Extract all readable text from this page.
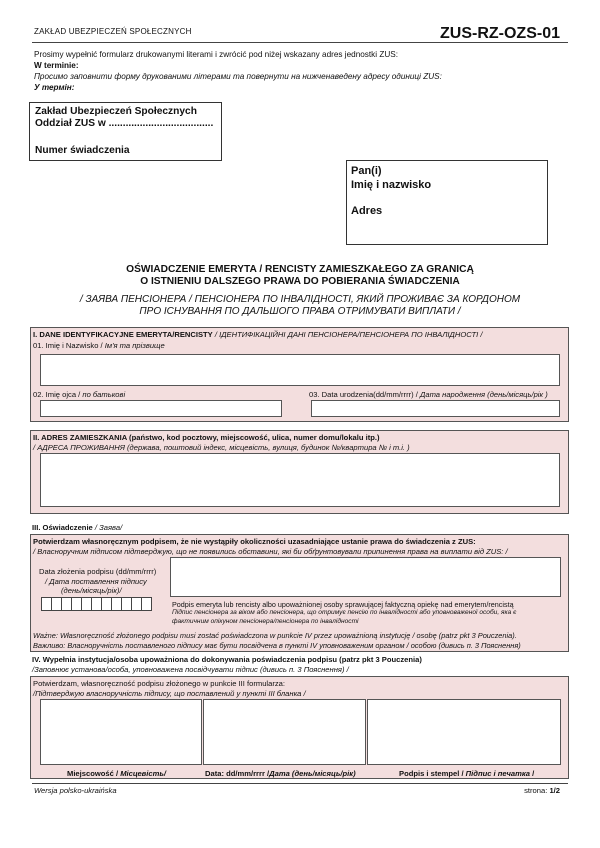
ZAKŁAD UBEZPIECZEŃ SPOŁECZNYCH	ZUS-RZ-OZS-01
Prosimy wypełnić formularz drukowanymi literami i zwrócić pod niżej wskazany adres jednostki ZUS:
W terminie:
Просимо заповнити форму друкованими літерами та повернути на нижченаведену адресу одиниці ZUS:
У термін:
Zakład Ubezpieczeń Społecznych
Oddział ZUS w .....................................
Numer świadczenia
Pan(i)
Imię i nazwisko
Adres
OŚWIADCZENIE EMERYTA / RENCISTY ZAMIESZKAŁEGO ZA GRANICĄ
O ISTNIENIU DALSZEGO PRAWA DO POBIERANIA ŚWIADCZENIA
/ ЗАЯВА ПЕНСІОНЕРА / ПЕНСІОНЕРА ПО ІНВАЛІДНОСТІ, ЯКИЙ ПРОЖИВАЄ ЗА КОРДОНОМ
ПРО ІСНУВАННЯ ПО ДАЛЬШОГО ПРАВА ОТРИМУВАТИ ВИПЛАТИ /
I. DANE IDENTYFIKACYJNE EMERYTA/RENCISTY / ІДЕНТИФІКАЦІЙНІ ДАНІ ПЕНСІОНЕРА/ПЕНСІОНЕРА ПО ІНВАЛІДНОСТІ /
01. Imię i Nazwisko / Ім'я та прізвище
02. Imię ojca / по батькові	03. Data urodzenia(dd/mm/rrrr) / Дата народження (день/місяць/рік )
II. ADRES ZAMIESZKANIA (państwo, kod pocztowy, miejscowość, ulica, numer domu/lokalu itp.)
/ АДРЕСА ПРОЖИВАННЯ (держава, поштовий індекс, місцевість, вулиця, будинок №/квартира № і т.і. )
III. Oświadczenie / Заява/
Potwierdzam własnoręcznym podpisem, że nie wystąpiły okoliczności uzasadniające ustanie prawa do świadczenia z ZUS:
/ Власноручним підписом підтверджую, що не появились обставини, які би обґрунтовували припинення права на виплати від ZUS: /
Data złożenia podpisu (dd/mm/rrrr)
/ Дата поставлення підпису
(день/місяць/рік)/
Podpis emeryta lub rencisty albo upoważnionej osoby sprawującej faktyczną opiekę nad emerytem/rencistą
Підпис пенсіонера за віком або пенсіонера, що отримує пенсію по інвалідності або уповноваженої особи, яка є
фактичним опікуном пенсіонера/пенсіонера по інвалідності
Ważne: Własnoręczność złożonego podpisu musi zostać poświadczona w punkcie IV przez upoważnioną instytucję / osobę (patrz pkt 3 Pouczenia).
Важливо: Власноручність поставленого підпису має бути посвідчена в пункті IV уповноваженим органом / особою (дивись п. 3 Пояснення)
IV. Wypełnia instytucja/osoba upoważniona do dokonywania poświadczenia podpisu (patrz pkt 3 Pouczenia)
/Заповнює установа/особа, уповноважена посвідчувати підпис (дивись п. 3 Пояснення) /
Potwierdzam, własnoręczność podpisu złożonego w punkcie III formularza:
/Підтверджую власноручність підпису, що поставлений у пункті III бланка /
Miejscowość / Місцевість/	Data: dd/mm/rrrr /Дата (день/місяць/рік)	Podpis i stempel / Підпис і печатка /
Wersja polsko-ukraińska	strona: 1/2
